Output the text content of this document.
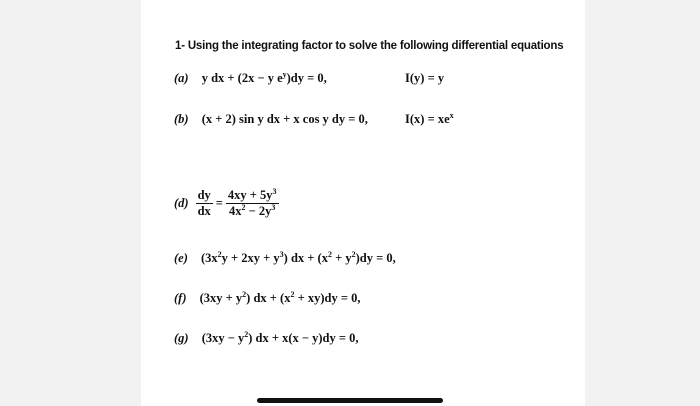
1- Using the integrating factor to solve the following differential equations
(a) y dx + (2x − y $e^y)dy = 0$,	I(y) = y
(b) (x + 2) sin y dx + x cos y dy = 0,	$I(x) = xe^x$
$(d) \frac{dy}{dx} = \frac{4xy + 5y^3}{4x^2 - 2y^3}$
(e) $(3x^2y + 2xy + y^3)$ dx + $(x^2 + y^2)dy = 0$,
(f) $(3xy + y^2)$ dx + $(x^2 + xy)dy = 0$,
(g) $(3xy - y^2)$ dx + x(x − y)dy = 0,
